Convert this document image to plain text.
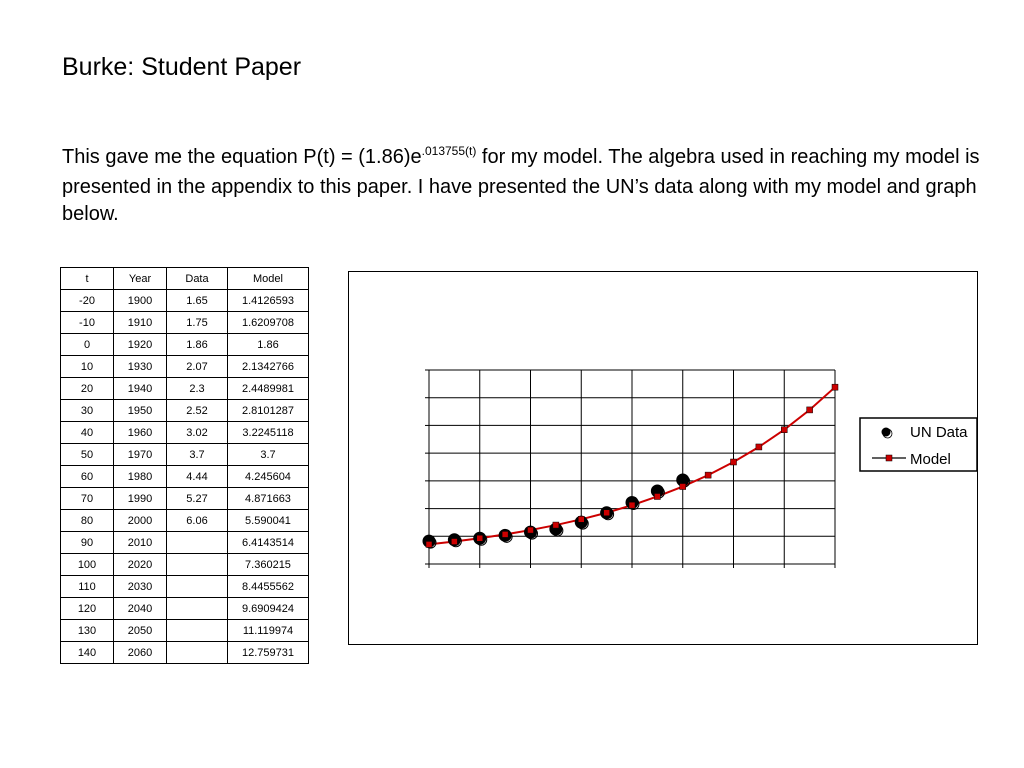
Burke: Student Paper
This gave me the equation $P(t) = (1.86)e^{.013755(t)}$ for my model. The algebra used in reaching my model is presented in the appendix to this paper. I have presented the UN’s data along with my model and graph below.
t	Year	Data	Model
-20	1900	1.65	1.4126593
-10	1910	1.75	1.6209708
0	1920	1.86	1.86
10	1930	2.07	2.1342766
20	1940	2.3	2.4489981
30	1950	2.52	2.8101287
40	1960	3.02	3.2245118
50	1970	3.7	3.7
60	1980	4.44	4.245604
70	1990	5.27	4.871663
80	2000	6.06	5.590041
90	2010		6.4143514
100	2020		7.360215
110	2030		8.4455562
120	2040		9.6909424
130	2050		11.119974
140	2060		12.759731
UN Data
Model
